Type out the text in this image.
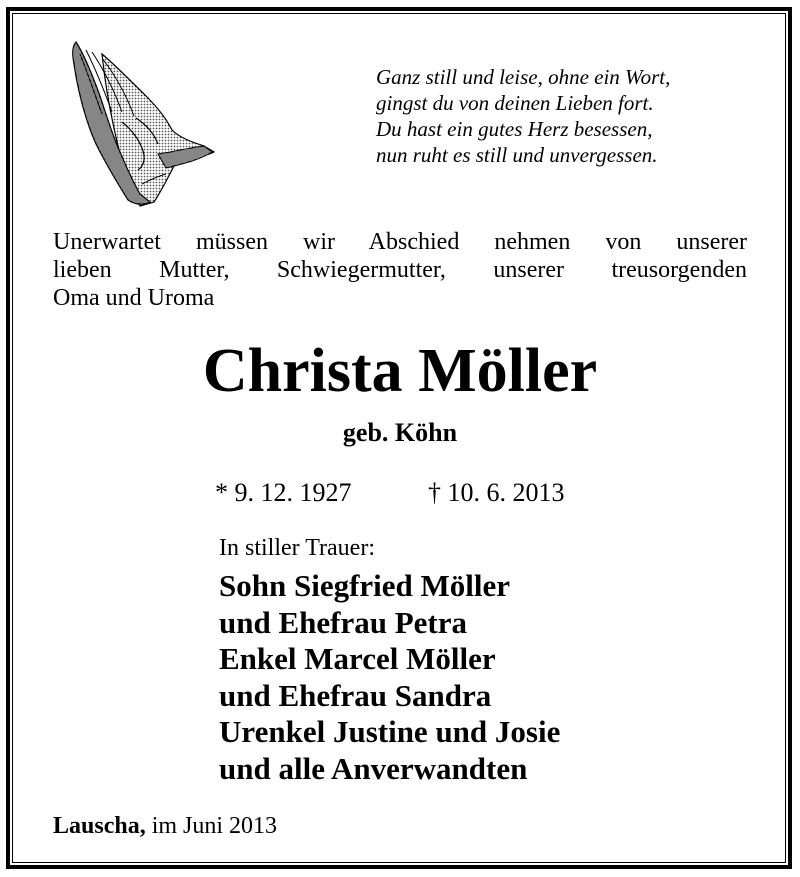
Ganz still und leise, ohne ein Wort,
gingst du von deinen Lieben fort.
Du hast ein gutes Herz besessen,
nun ruht es still und unvergessen.
Unerwartet müssen wir Abschied nehmen von unserer
lieben Mutter, Schwiegermutter, unserer treusorgenden
Oma und Uroma
Christa Möller
geb. Köhn
* 9. 12. 1927	† 10. 6. 2013
In stiller Trauer:
Sohn Siegfried Möller
und Ehefrau Petra
Enkel Marcel Möller
und Ehefrau Sandra
Urenkel Justine und Josie
und alle Anverwandten
Lauscha, im Juni 2013
